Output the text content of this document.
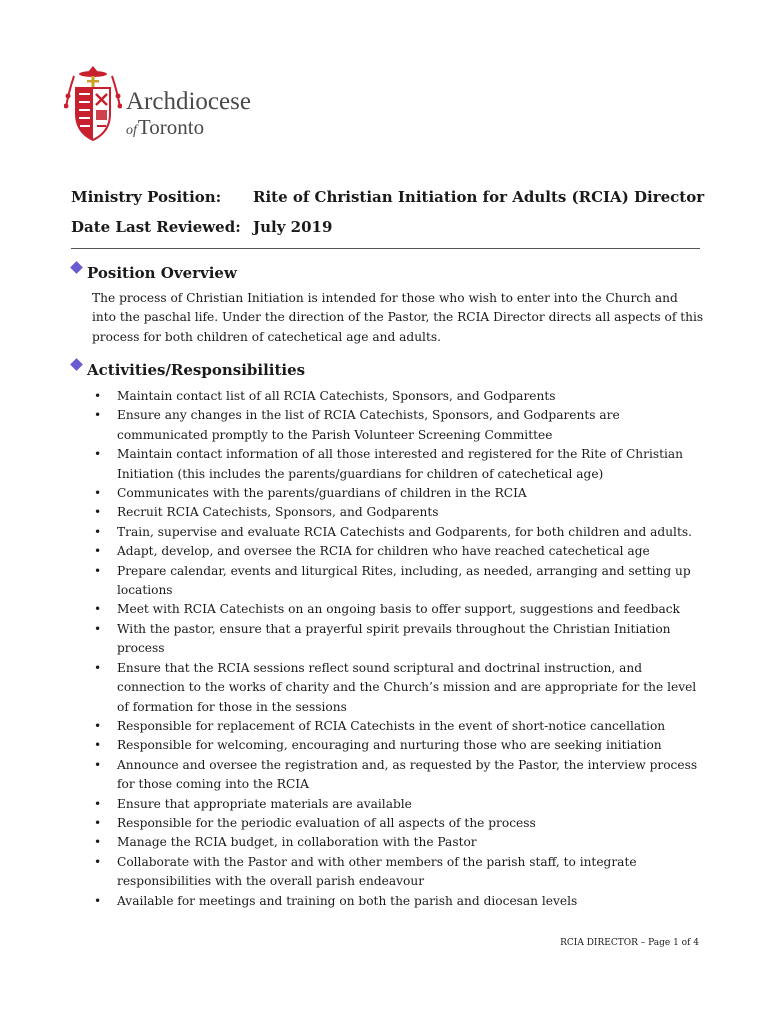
Archdiocese
ofToronto
Ministry Position:	Rite of Christian Initiation for Adults (RCIA) Director
Date Last Reviewed: July 2019
Position Overview
The process of Christian Initiation is intended for those who wish to enter into the Church and into the paschal life. Under the direction of the Pastor, the RCIA Director directs all aspects of this process for both children of catechetical age and adults.
Activities/Responsibilities
• Maintain contact list of all RCIA Catechists, Sponsors, and Godparents
• Ensure any changes in the list of RCIA Catechists, Sponsors, and Godparents are communicated promptly to the Parish Volunteer Screening Committee
• Maintain contact information of all those interested and registered for the Rite of Christian Initiation (this includes the parents/guardians for children of catechetical age)
• Communicates with the parents/guardians of children in the RCIA
• Recruit RCIA Catechists, Sponsors, and Godparents
• Train, supervise and evaluate RCIA Catechists and Godparents, for both children and adults.
• Adapt, develop, and oversee the RCIA for children who have reached catechetical age
• Prepare calendar, events and liturgical Rites, including, as needed, arranging and setting up locations
• Meet with RCIA Catechists on an ongoing basis to offer support, suggestions and feedback
• With the pastor, ensure that a prayerful spirit prevails throughout the Christian Initiation process
• Ensure that the RCIA sessions reflect sound scriptural and doctrinal instruction, and connection to the works of charity and the Church’s mission and are appropriate for the level of formation for those in the sessions
• Responsible for replacement of RCIA Catechists in the event of short-notice cancellation
• Responsible for welcoming, encouraging and nurturing those who are seeking initiation
• Announce and oversee the registration and, as requested by the Pastor, the interview process for those coming into the RCIA
• Ensure that appropriate materials are available
• Responsible for the periodic evaluation of all aspects of the process
• Manage the RCIA budget, in collaboration with the Pastor
• Collaborate with the Pastor and with other members of the parish staff, to integrate responsibilities with the overall parish endeavour
• Available for meetings and training on both the parish and diocesan levels
RCIA DIRECTOR – Page 1 of 4
